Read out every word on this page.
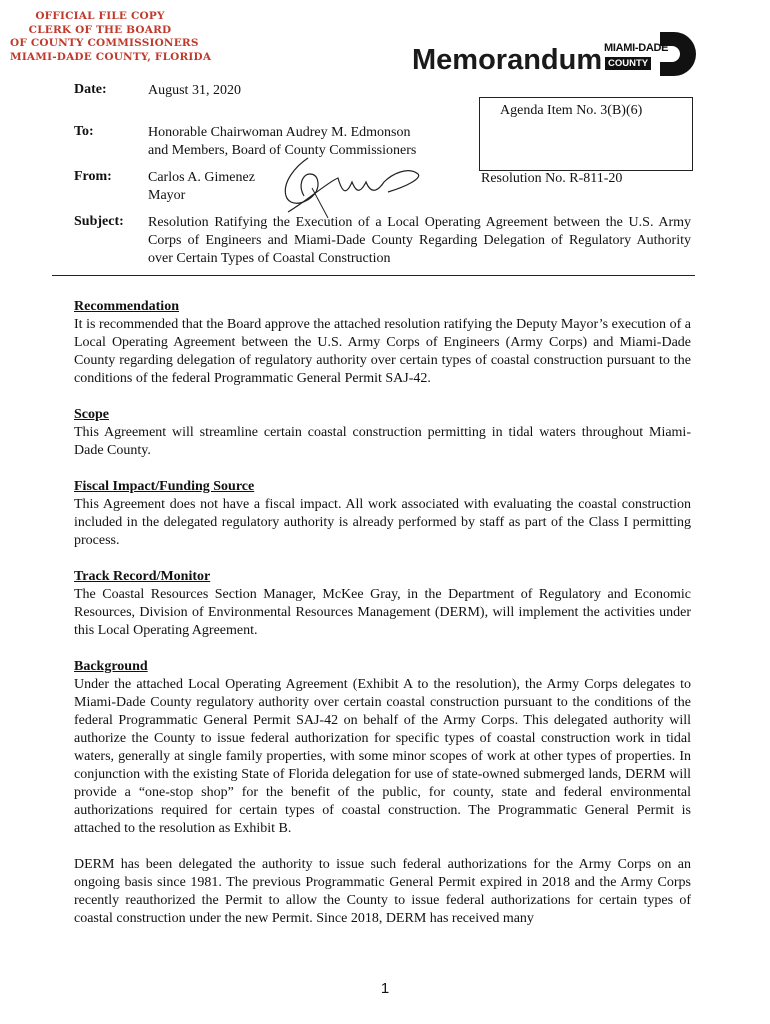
OFFICIAL FILE COPY
CLERK OF THE BOARD
OF COUNTY COMMISSIONERS
MIAMI-DADE COUNTY, FLORIDA	Memorandum MIAMI-DADE
COUNTY
Date:	August 31, 2020
To:	Honorable Chairwoman Audrey M. Edmonson
and Members, Board of County Commissioners
From:	Carlos A. Gimenez
Mayor
Agenda Item No. 3(B)(6)
Resolution No. R-811-20
Subject: Resolution Ratifying the Execution of a Local Operating Agreement between the U.S. Army Corps of Engineers and Miami-Dade County Regarding Delegation of Regulatory Authority over Certain Types of Coastal Construction
Recommendation

It is recommended that the Board approve the attached resolution ratifying the Deputy Mayor’s execution of a Local Operating Agreement between the U.S. Army Corps of Engineers (Army Corps) and Miami-Dade County regarding delegation of regulatory authority over certain types of coastal construction pursuant to the conditions of the federal Programmatic General Permit SAJ-42.

Scope

This Agreement will streamline certain coastal construction permitting in tidal waters throughout Miami-Dade County.

Fiscal Impact/Funding Source

This Agreement does not have a fiscal impact. All work associated with evaluating the coastal construction included in the delegated regulatory authority is already performed by staff as part of the Class I permitting process.

Track Record/Monitor

The Coastal Resources Section Manager, McKee Gray, in the Department of Regulatory and Economic Resources, Division of Environmental Resources Management (DERM), will implement the activities under this Local Operating Agreement.

Background

Under the attached Local Operating Agreement (Exhibit A to the resolution), the Army Corps delegates to Miami-Dade County regulatory authority over certain coastal construction pursuant to the conditions of the federal Programmatic General Permit SAJ-42 on behalf of the Army Corps. This delegated authority will authorize the County to issue federal authorization for specific types of coastal construction work in tidal waters, generally at single family properties, with some minor scopes of work at other types of properties. In conjunction with the existing State of Florida delegation for use of state-owned submerged lands, DERM will provide a “one-stop shop” for the benefit of the public, for county, state and federal environmental authorizations required for certain types of coastal construction. The Programmatic General Permit is attached to the resolution as Exhibit B.

DERM has been delegated the authority to issue such federal authorizations for the Army Corps on an ongoing basis since 1981. The previous Programmatic General Permit expired in 2018 and the Army Corps recently reauthorized the Permit to allow the County to issue federal authorizations for certain types of coastal construction under the new Permit. Since 2018, DERM has received many

1
